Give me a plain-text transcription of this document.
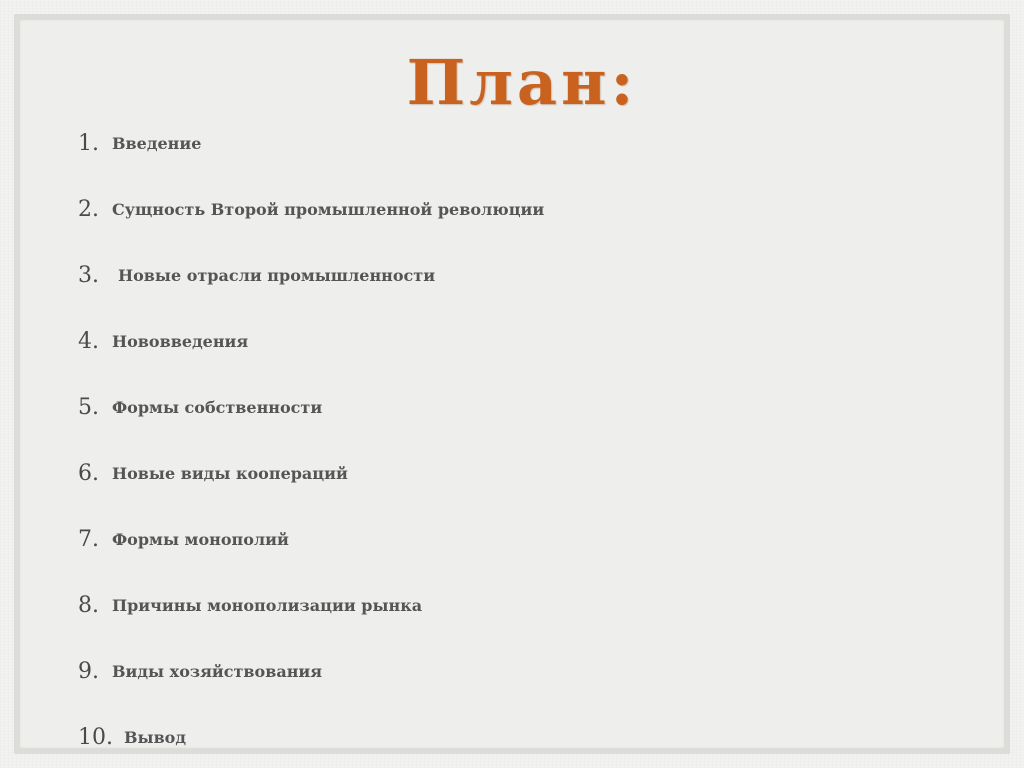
План:
1. Введение
2. Сущность Второй промышленной революции
3.	Новые отрасли промышленности
4. Нововведения
5. Формы собственности
6. Новые виды коопераций
7. Формы монополий
8. Причины монополизации рынка
9. Виды хозяйствования
10. Вывод
